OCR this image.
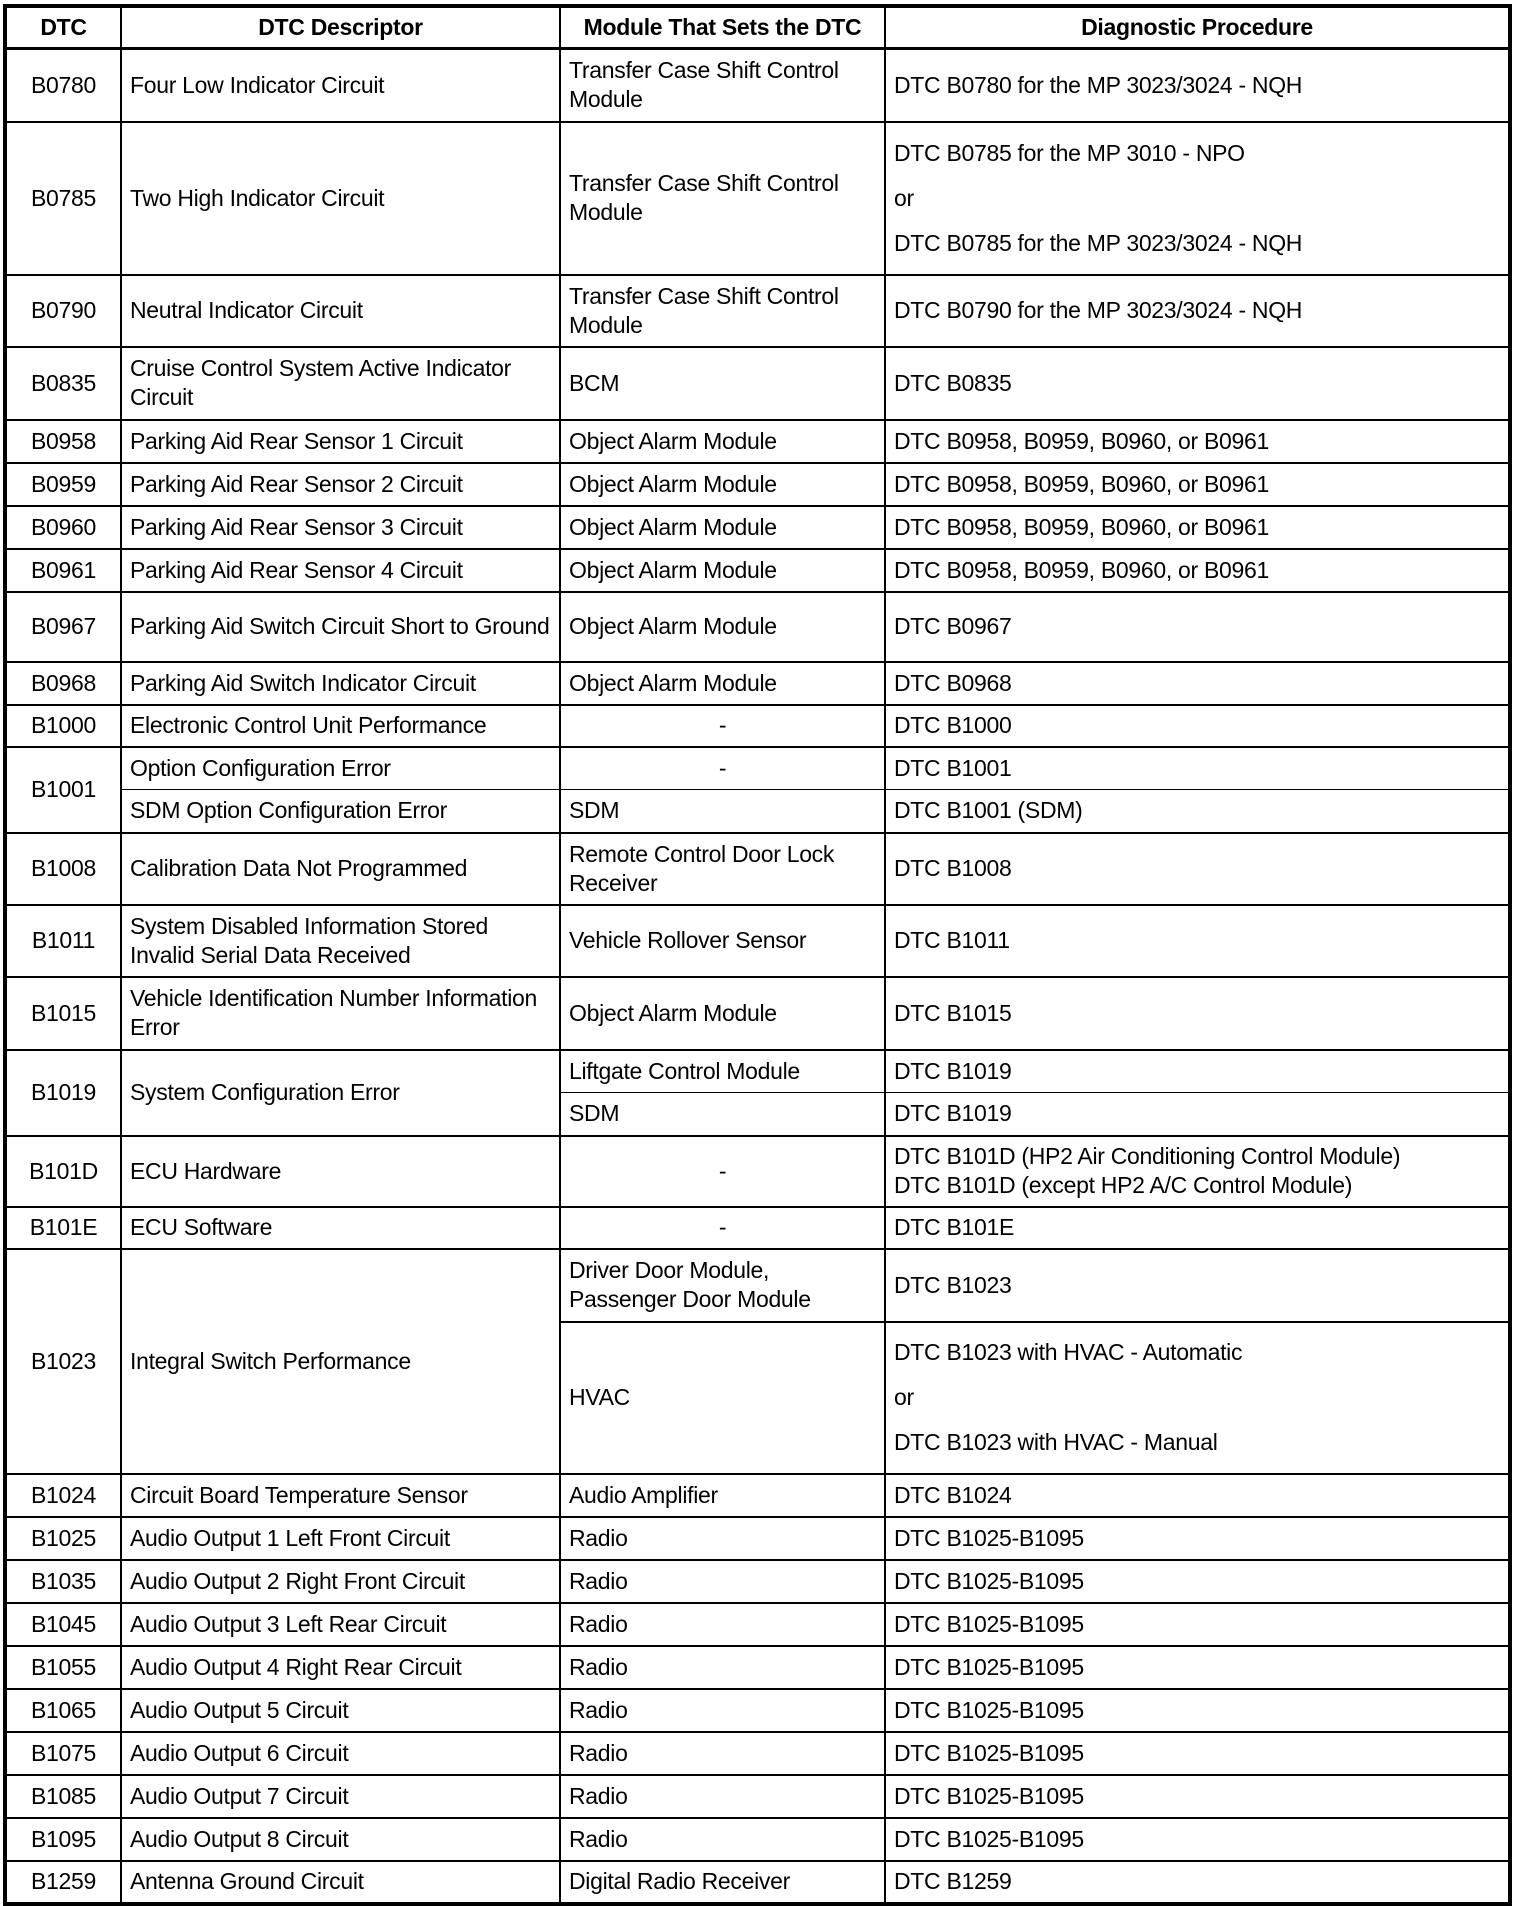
DTC	DTC Descriptor	Module That Sets the DTC	Diagnostic Procedure
B0780	Four Low Indicator Circuit	Transfer Case Shift Control Module	DTC B0780 for the MP 3023/3024 - NQH
B0785	Two High Indicator Circuit	Transfer Case Shift Control Module	DTC B0785 for the MP 3010 - NPO
or
DTC B0785 for the MP 3023/3024 - NQH

B0790	Neutral Indicator Circuit	Transfer Case Shift Control Module	DTC B0790 for the MP 3023/3024 - NQH
B0835	Cruise Control System Active Indicator Circuit	BCM	DTC B0835
B0958	Parking Aid Rear Sensor 1 Circuit	Object Alarm Module	DTC B0958, B0959, B0960, or B0961
B0959	Parking Aid Rear Sensor 2 Circuit	Object Alarm Module	DTC B0958, B0959, B0960, or B0961
B0960	Parking Aid Rear Sensor 3 Circuit	Object Alarm Module	DTC B0958, B0959, B0960, or B0961
B0961	Parking Aid Rear Sensor 4 Circuit	Object Alarm Module	DTC B0958, B0959, B0960, or B0961
B0967	Parking Aid Switch Circuit Short to Ground	Object Alarm Module	DTC B0967
B0968	Parking Aid Switch Indicator Circuit	Object Alarm Module	DTC B0968
B1000	Electronic Control Unit Performance	-	DTC B1000
B1001	Option Configuration Error	-	DTC B1001
	SDM Option Configuration Error	SDM	DTC B1001 (SDM)
B1008	Calibration Data Not Programmed	Remote Control Door Lock Receiver	DTC B1008
B1011	System Disabled Information Stored Invalid Serial Data Received	Vehicle Rollover Sensor	DTC B1011
B1015	Vehicle Identification Number Information Error	Object Alarm Module	DTC B1015
B1019	System Configuration Error	Liftgate Control Module	DTC B1019
		SDM	DTC B1019
B101D	ECU Hardware	-	DTC B101D (HP2 Air Conditioning Control Module)
DTC B101D (except HP2 A/C Control Module)

B101E	ECU Software	-	DTC B101E
B1023	Integral Switch Performance	Driver Door Module, Passenger Door Module	DTC B1023
		HVAC	DTC B1023 with HVAC - Automatic
or
DTC B1023 with HVAC - Manual

B1024	Circuit Board Temperature Sensor	Audio Amplifier	DTC B1024
B1025	Audio Output 1 Left Front Circuit	Radio	DTC B1025-B1095
B1035	Audio Output 2 Right Front Circuit	Radio	DTC B1025-B1095
B1045	Audio Output 3 Left Rear Circuit	Radio	DTC B1025-B1095
B1055	Audio Output 4 Right Rear Circuit	Radio	DTC B1025-B1095
B1065	Audio Output 5 Circuit	Radio	DTC B1025-B1095
B1075	Audio Output 6 Circuit	Radio	DTC B1025-B1095
B1085	Audio Output 7 Circuit	Radio	DTC B1025-B1095
B1095	Audio Output 8 Circuit	Radio	DTC B1025-B1095
B1259	Antenna Ground Circuit	Digital Radio Receiver	DTC B1259
